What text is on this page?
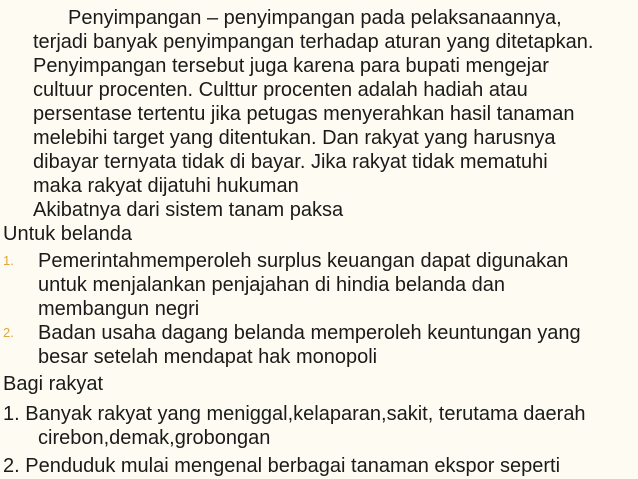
Penyimpangan – penyimpangan pada pelaksanaannya,
terjadi banyak penyimpangan terhadap aturan yang ditetapkan.
Penyimpangan tersebut juga karena para bupati mengejar
cultuur procenten. Culttur procenten adalah hadiah atau
persentase tertentu jika petugas menyerahkan hasil tanaman
melebihi target yang ditentukan. Dan rakyat yang harusnya
dibayar ternyata tidak di bayar. Jika rakyat tidak mematuhi
maka rakyat dijatuhi hukuman
Akibatnya dari sistem tanam paksa
Untuk belanda
1. Pemerintahmemperoleh surplus keuangan dapat digunakan
untuk menjalankan penjajahan di hindia belanda dan
membangun negri
2. Badan usaha dagang belanda memperoleh keuntungan yang
besar setelah mendapat hak monopoli
Bagi rakyat
1. Banyak rakyat yang meniggal,kelaparan,sakit, terutama daerah
cirebon,demak,grobongan
2. Penduduk mulai mengenal berbagai tanaman ekspor seperti
